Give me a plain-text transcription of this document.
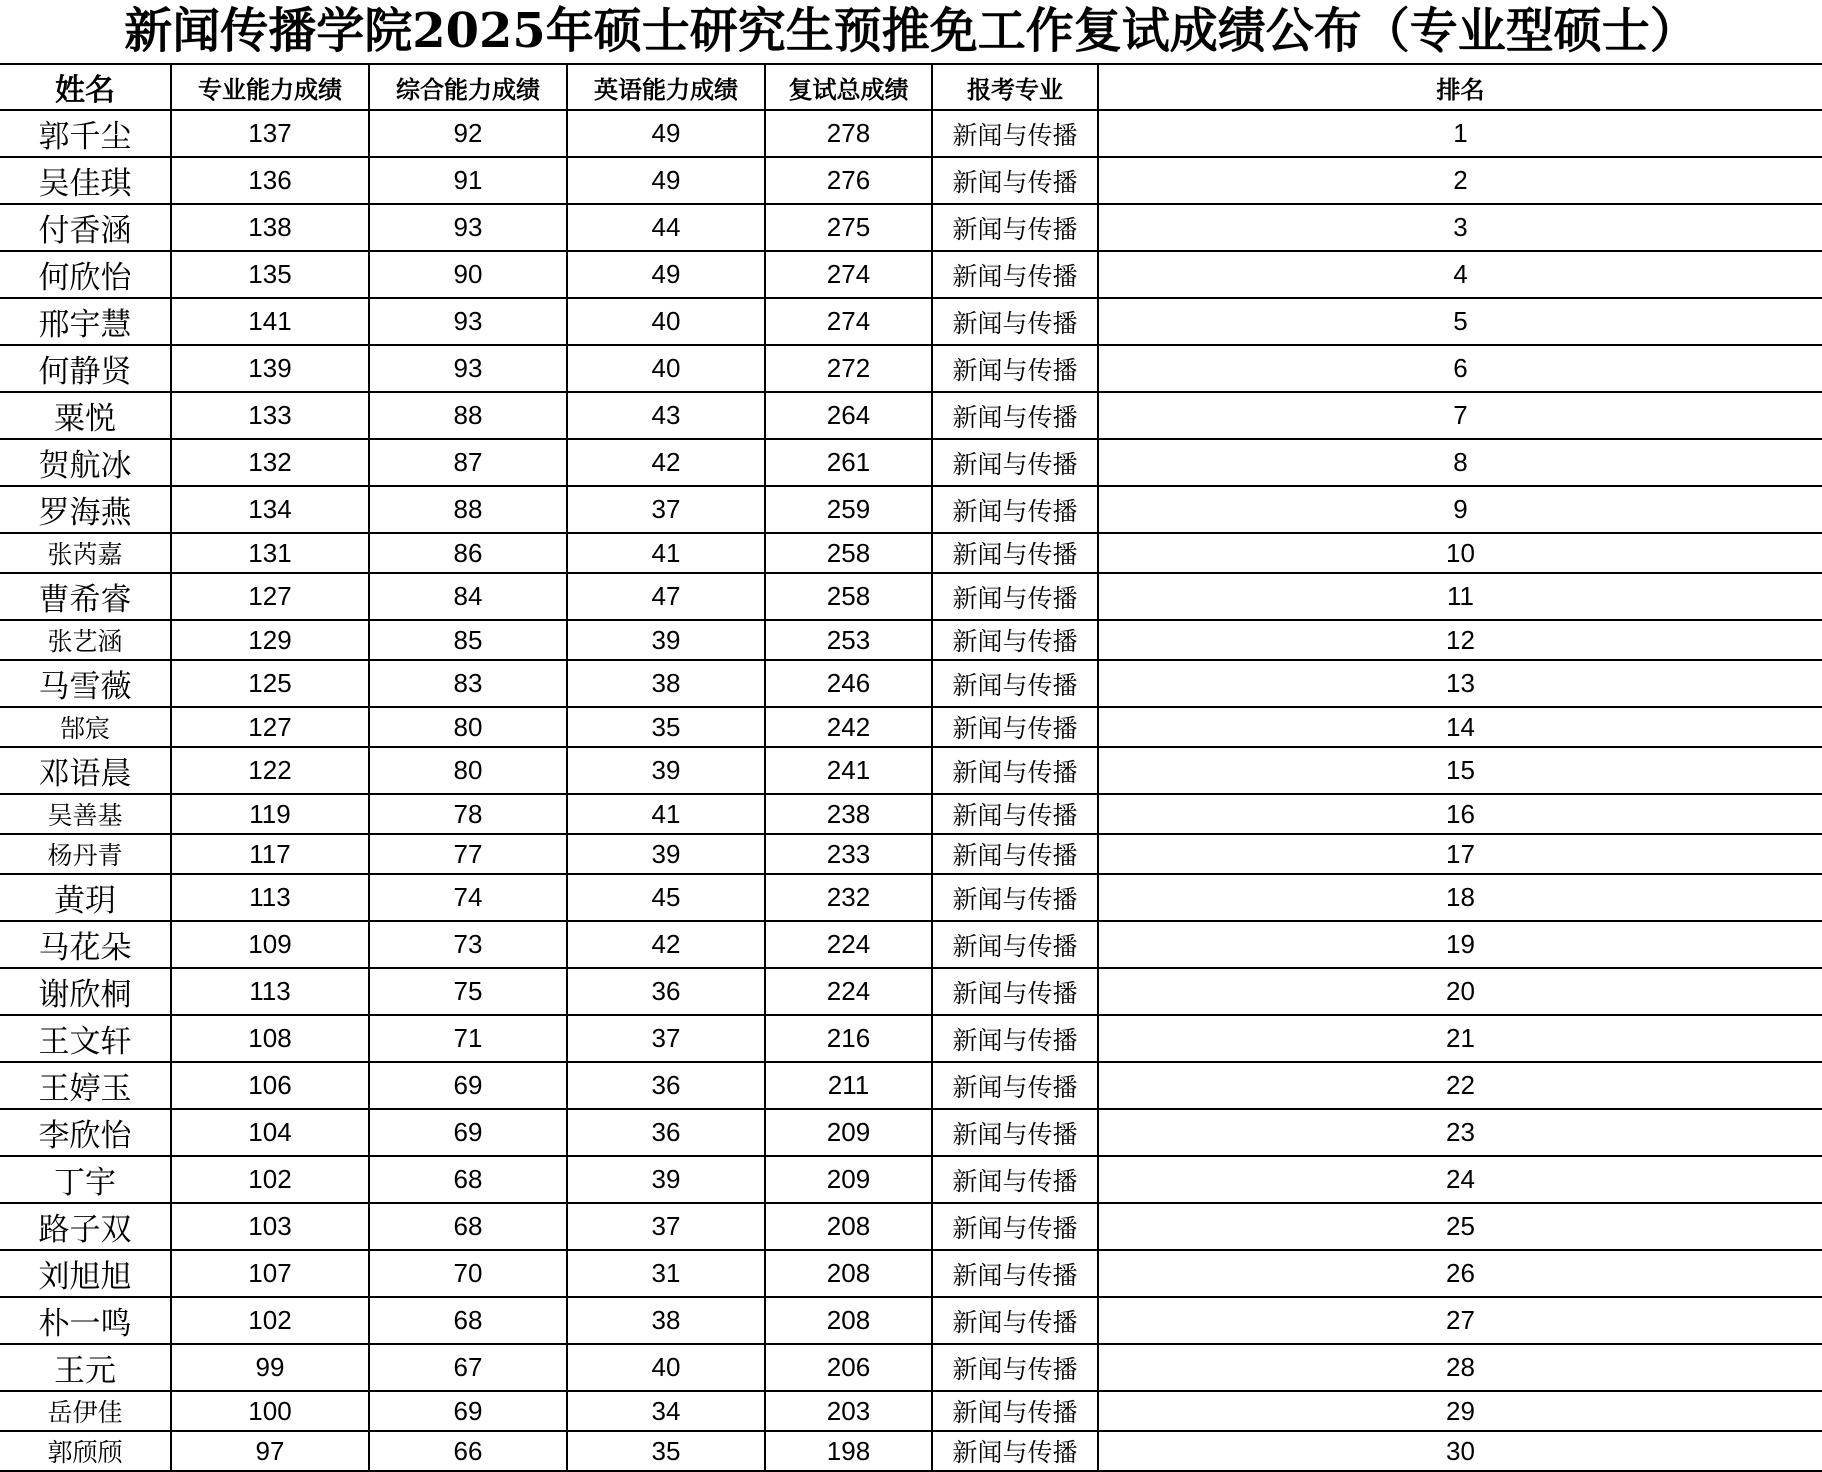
新闻传播学院2025年硕士研究生预推免工作复试成绩公布（专业型硕士）
姓名	专业能力成绩	综合能力成绩	英语能力成绩	复试总成绩	报考专业	排名
郭千尘	137	92	49	278	新闻与传播	1
吴佳琪	136	91	49	276	新闻与传播	2
付香涵	138	93	44	275	新闻与传播	3
何欣怡	135	90	49	274	新闻与传播	4
邢宇慧	141	93	40	274	新闻与传播	5
何静贤	139	93	40	272	新闻与传播	6
粟悦	133	88	43	264	新闻与传播	7
贺航冰	132	87	42	261	新闻与传播	8
罗海燕	134	88	37	259	新闻与传播	9
张芮嘉	131	86	41	258	新闻与传播	10
曹希睿	127	84	47	258	新闻与传播	11
张艺涵	129	85	39	253	新闻与传播	12
马雪薇	125	83	38	246	新闻与传播	13
郜宸	127	80	35	242	新闻与传播	14
邓语晨	122	80	39	241	新闻与传播	15
吴善基	119	78	41	238	新闻与传播	16
杨丹青	117	77	39	233	新闻与传播	17
黄玥	113	74	45	232	新闻与传播	18
马花朵	109	73	42	224	新闻与传播	19
谢欣桐	113	75	36	224	新闻与传播	20
王文轩	108	71	37	216	新闻与传播	21
王婷玉	106	69	36	211	新闻与传播	22
李欣怡	104	69	36	209	新闻与传播	23
丁宇	102	68	39	209	新闻与传播	24
路子双	103	68	37	208	新闻与传播	25
刘旭旭	107	70	31	208	新闻与传播	26
朴一鸣	102	68	38	208	新闻与传播	27
王元	99	67	40	206	新闻与传播	28
岳伊佳	100	69	34	203	新闻与传播	29
郭颀颀	97	66	35	198	新闻与传播	30
